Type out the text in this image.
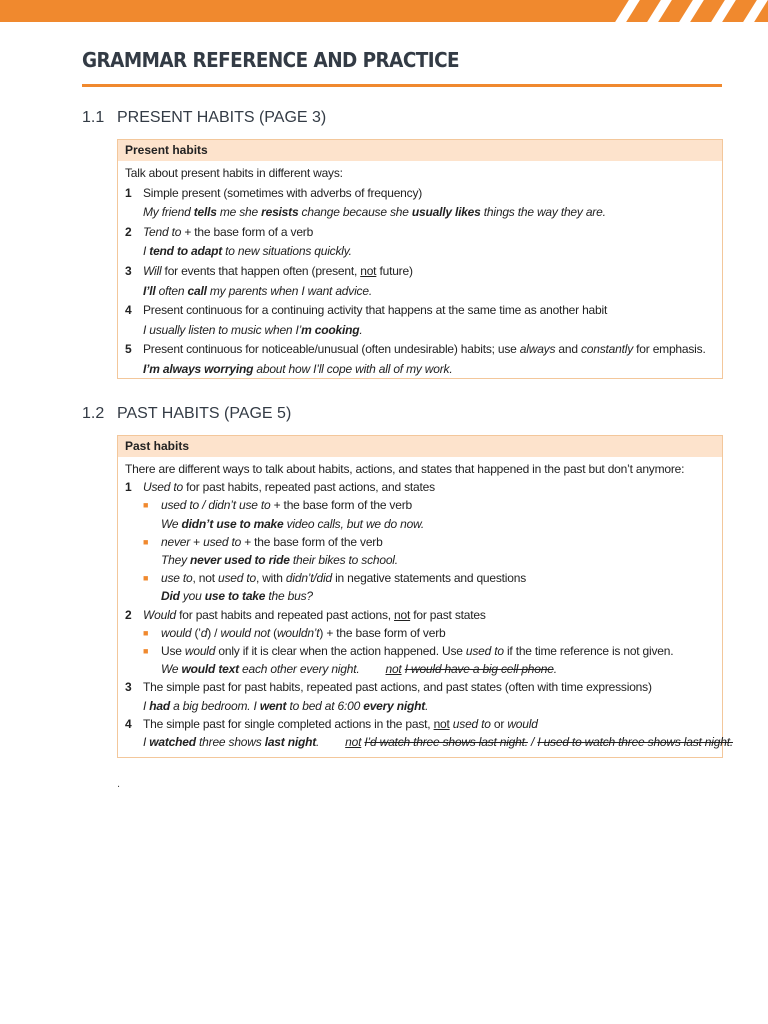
GRAMMAR REFERENCE AND PRACTICE
1.1 PRESENT HABITS (PAGE 3)
Present habits
Talk about present habits in different ways:
1 Simple present (sometimes with adverbs of frequency)
My friend tells me she resists change because she usually likes things the way they are.
2 Tend to + the base form of a verb
I tend to adapt to new situations quickly.
3 Will for events that happen often (present, not future)
I’ll often call my parents when I want advice.
4 Present continuous for a continuing activity that happens at the same time as another habit
I usually listen to music when I’m cooking.
5 Present continuous for noticeable/unusual (often undesirable) habits; use always and constantly for emphasis.
I’m always worrying about how I’ll cope with all of my work.
1.2 PAST HABITS (PAGE 5)
Past habits
There are different ways to talk about habits, actions, and states that happened in the past but don’t anymore:
1 Used to for past habits, repeated past actions, and states
■	used to / didn’t use to + the base form of the verb
We didn’t use to make video calls, but we do now.
■	never + used to + the base form of the verb
They never used to ride their bikes to school.
■	use to, not used to, with didn’t/did in negative statements and questions
Did you use to take the bus?
2 Would for past habits and repeated past actions, not for past states
■	would (’d) / would not (wouldn’t) + the base form of verb
■	Use would only if it is clear when the action happened. Use used to if the time reference is not given.
We would text each other every night. not I would have a big cell phone.
3 The simple past for past habits, repeated past actions, and past states (often with time expressions)
I had a big bedroom. I went to bed at 6:00 every night.
4 The simple past for single completed actions in the past, not used to or would
I watched three shows last night. not I’d watch three shows last night. / I used to watch three shows last night.
.
